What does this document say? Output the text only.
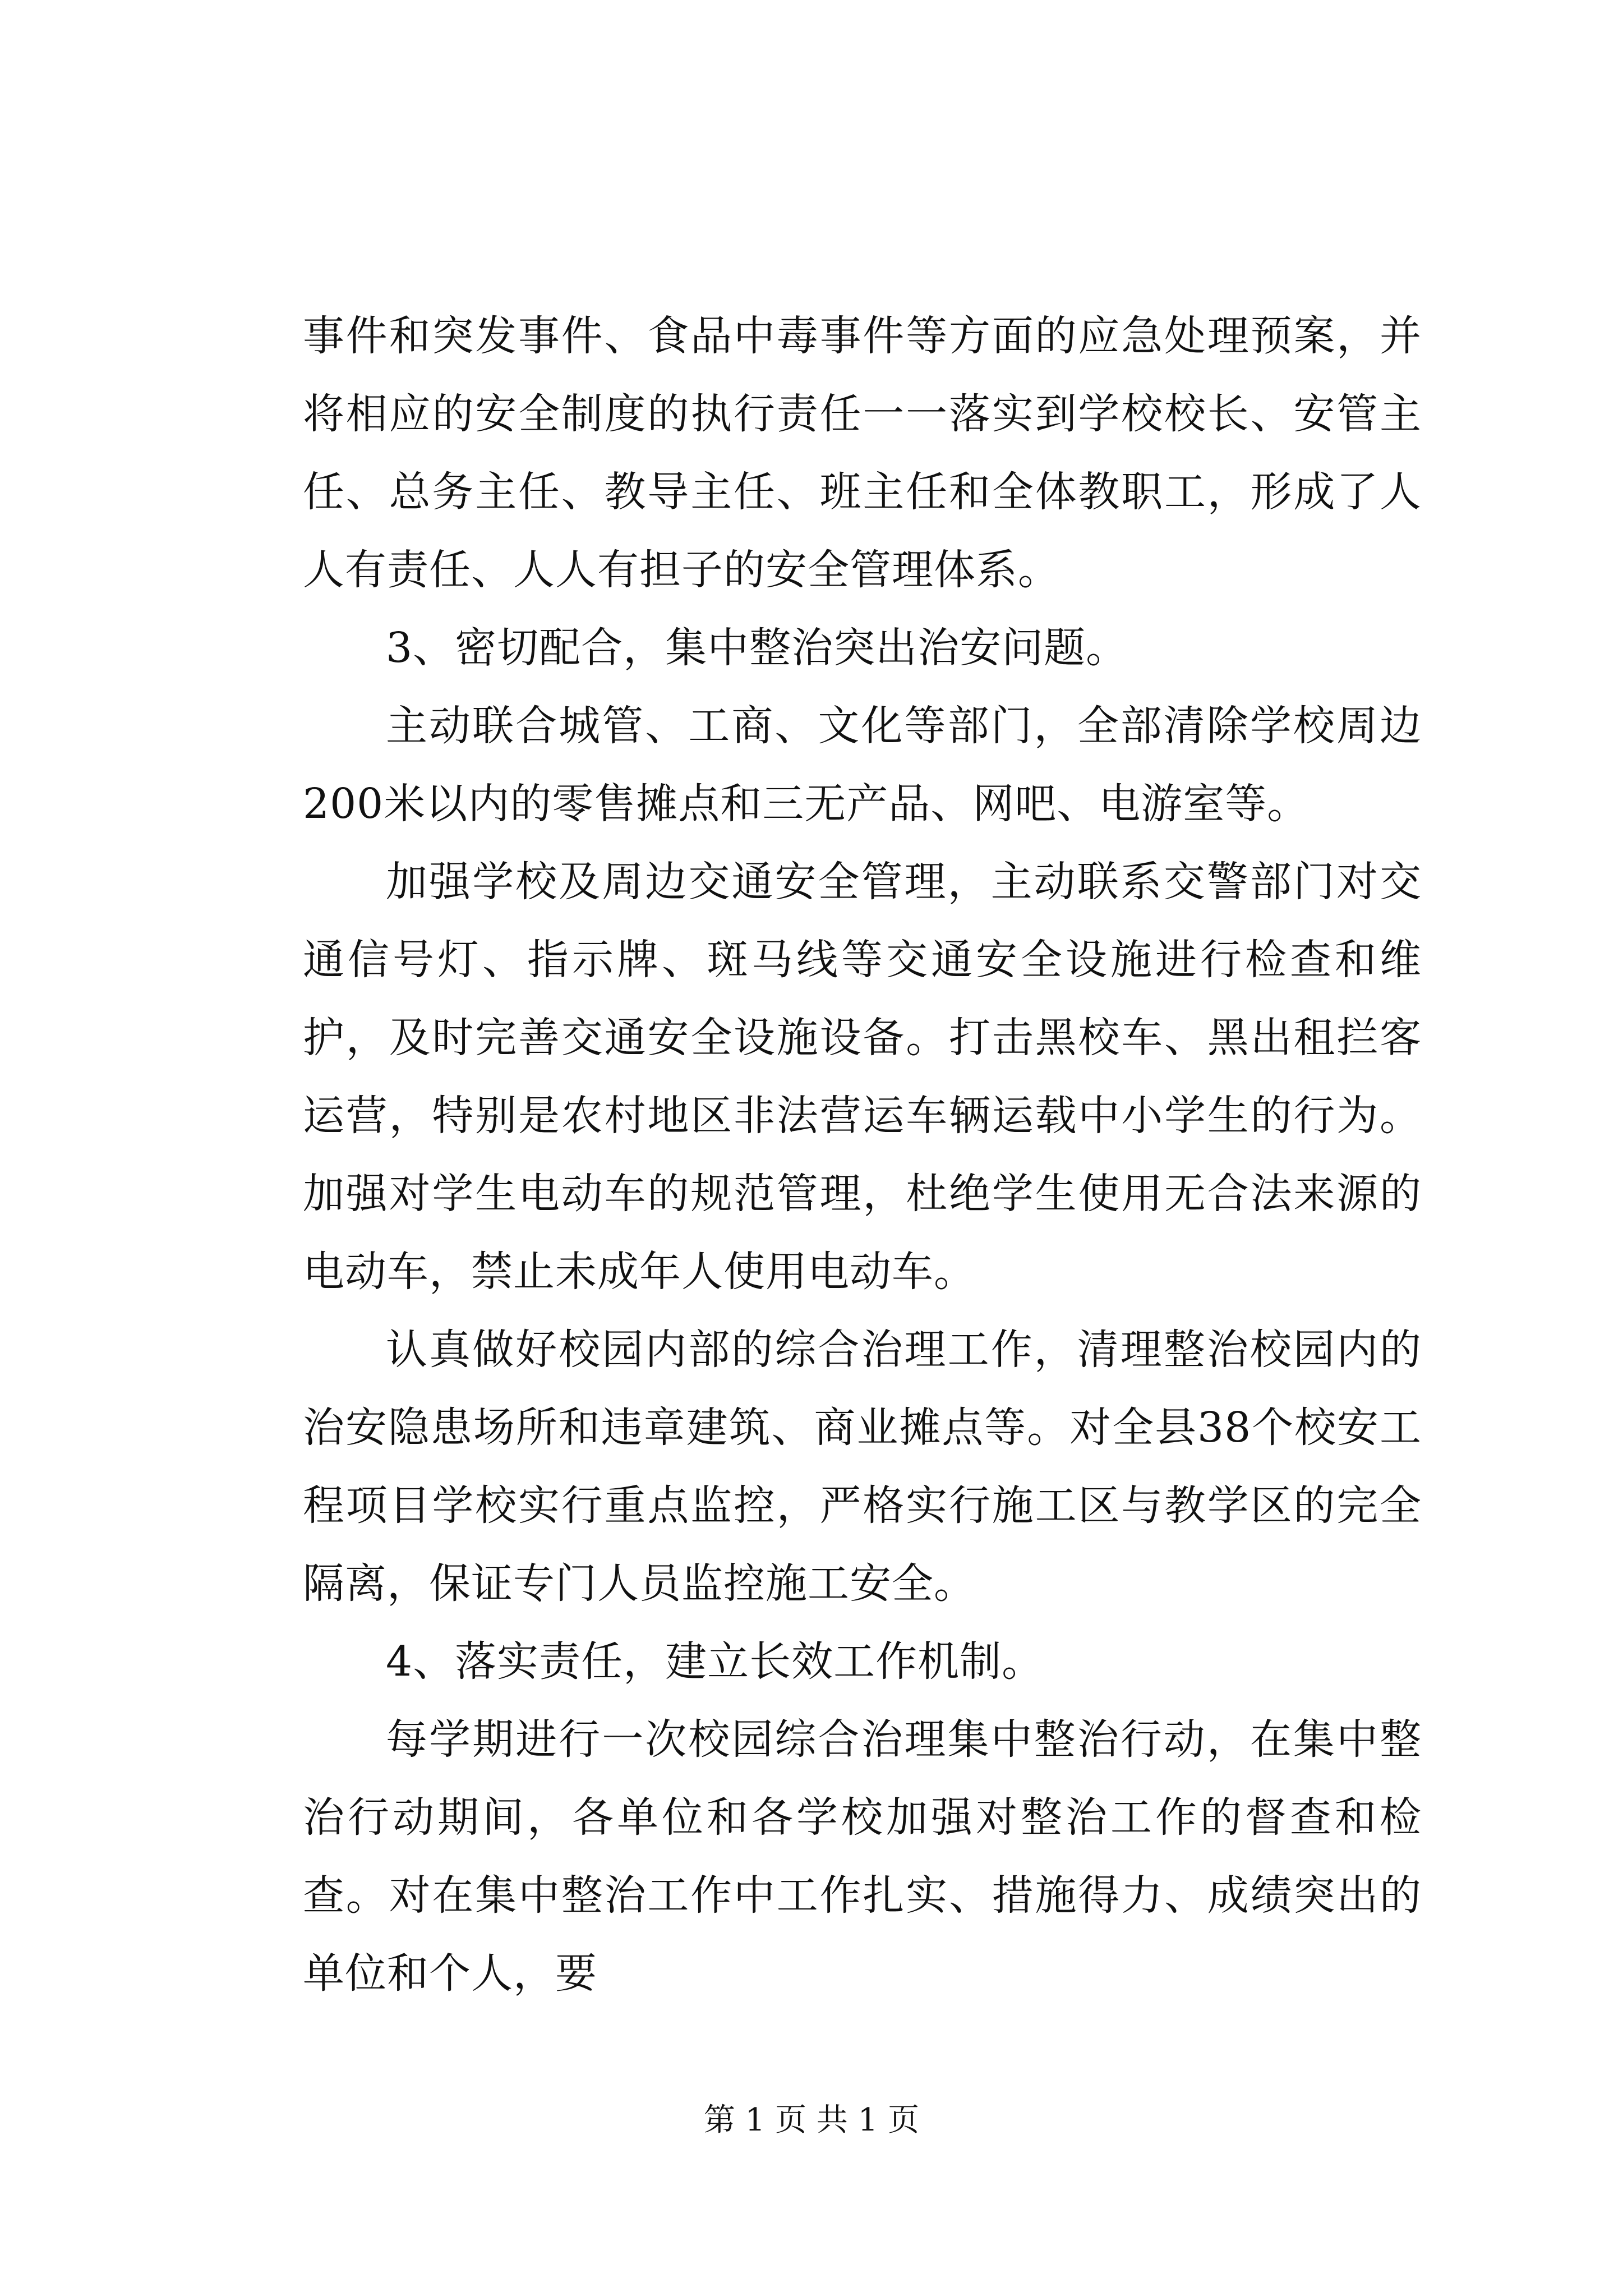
事件和突发事件、食品中毒事件等方面的应急处理预案，并将相应的安全制度的执行责任一一落实到学校校长、安管主任、总务主任、教导主任、班主任和全体教职工，形成了人人有责任、人人有担子的安全管理体系。

3、密切配合，集中整治突出治安问题。

主动联合城管、工商、文化等部门，全部清除学校周边200米以内的零售摊点和三无产品、网吧、电游室等。

加强学校及周边交通安全管理，主动联系交警部门对交通信号灯、指示牌、斑马线等交通安全设施进行检查和维护，及时完善交通安全设施设备。打击黑校车、黑出租拦客运营，特别是农村地区非法营运车辆运载中小学生的行为。加强对学生电动车的规范管理，杜绝学生使用无合法来源的电动车，禁止未成年人使用电动车。

认真做好校园内部的综合治理工作，清理整治校园内的治安隐患场所和违章建筑、商业摊点等。对全县38个校安工程项目学校实行重点监控，严格实行施工区与教学区的完全隔离，保证专门人员监控施工安全。

4、落实责任，建立长效工作机制。

每学期进行一次校园综合治理集中整治行动，在集中整治行动期间，各单位和各学校加强对整治工作的督查和检查。对在集中整治工作中工作扎实、措施得力、成绩突出的单位和个人，要

第 1 页 共 1 页
